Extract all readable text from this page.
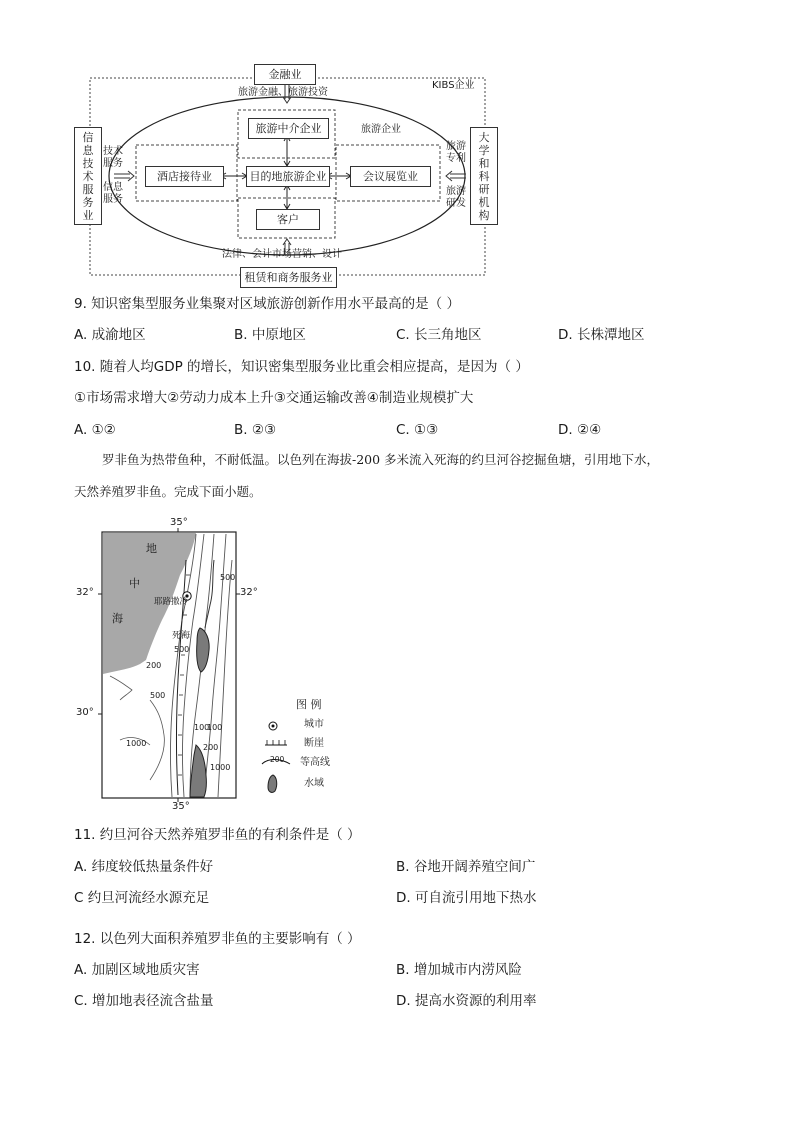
金融业
旅游金融、旅游投资
KIBS企业
旅游企业
旅游中介企业
目的地旅游企业
酒店接待业	会议展览业
客户
信
息
技
术
服
务
业
大
学
和
科
研
机
构
技术
服务
信息
服务
旅游
专利
旅游
研发
法律、会计市场营销、设计
租赁和商务服务业
9. 知识密集型服务业集聚对区域旅游创新作用水平最高的是（ ）
A. 成渝地区	B. 中原地区	C. 长三角地区	D. 长株潭地区
10. 随着人均GDP 的增长，知识密集型服务业比重会相应提高，是因为（ ）
①市场需求增大②劳动力成本上升③交通运输改善④制造业规模扩大
A. ①②	B. ②③	C. ①③	D. ②④
罗非鱼为热带鱼种，不耐低温。以色列在海拔-200 多米流入死海的约旦河谷挖掘鱼塘，引用地下水，
天然养殖罗非鱼。完成下面小题。
35°
35°
32°	32°
30°
地
中
海
耶路撒冷
死海
500
500
200
500
1000
100
100
200
1000
图 例
城市
断崖
200 等高线
水域
11. 约旦河谷天然养殖罗非鱼的有利条件是（ ）
A. 纬度较低热量条件好	B. 谷地开阔养殖空间广
C 约旦河流经水源充足	D. 可自流引用地下热水
12. 以色列大面积养殖罗非鱼的主要影响有（ ）
A. 加剧区域地质灾害	B. 增加城市内涝风险
C. 增加地表径流含盐量	D. 提高水资源的利用率
